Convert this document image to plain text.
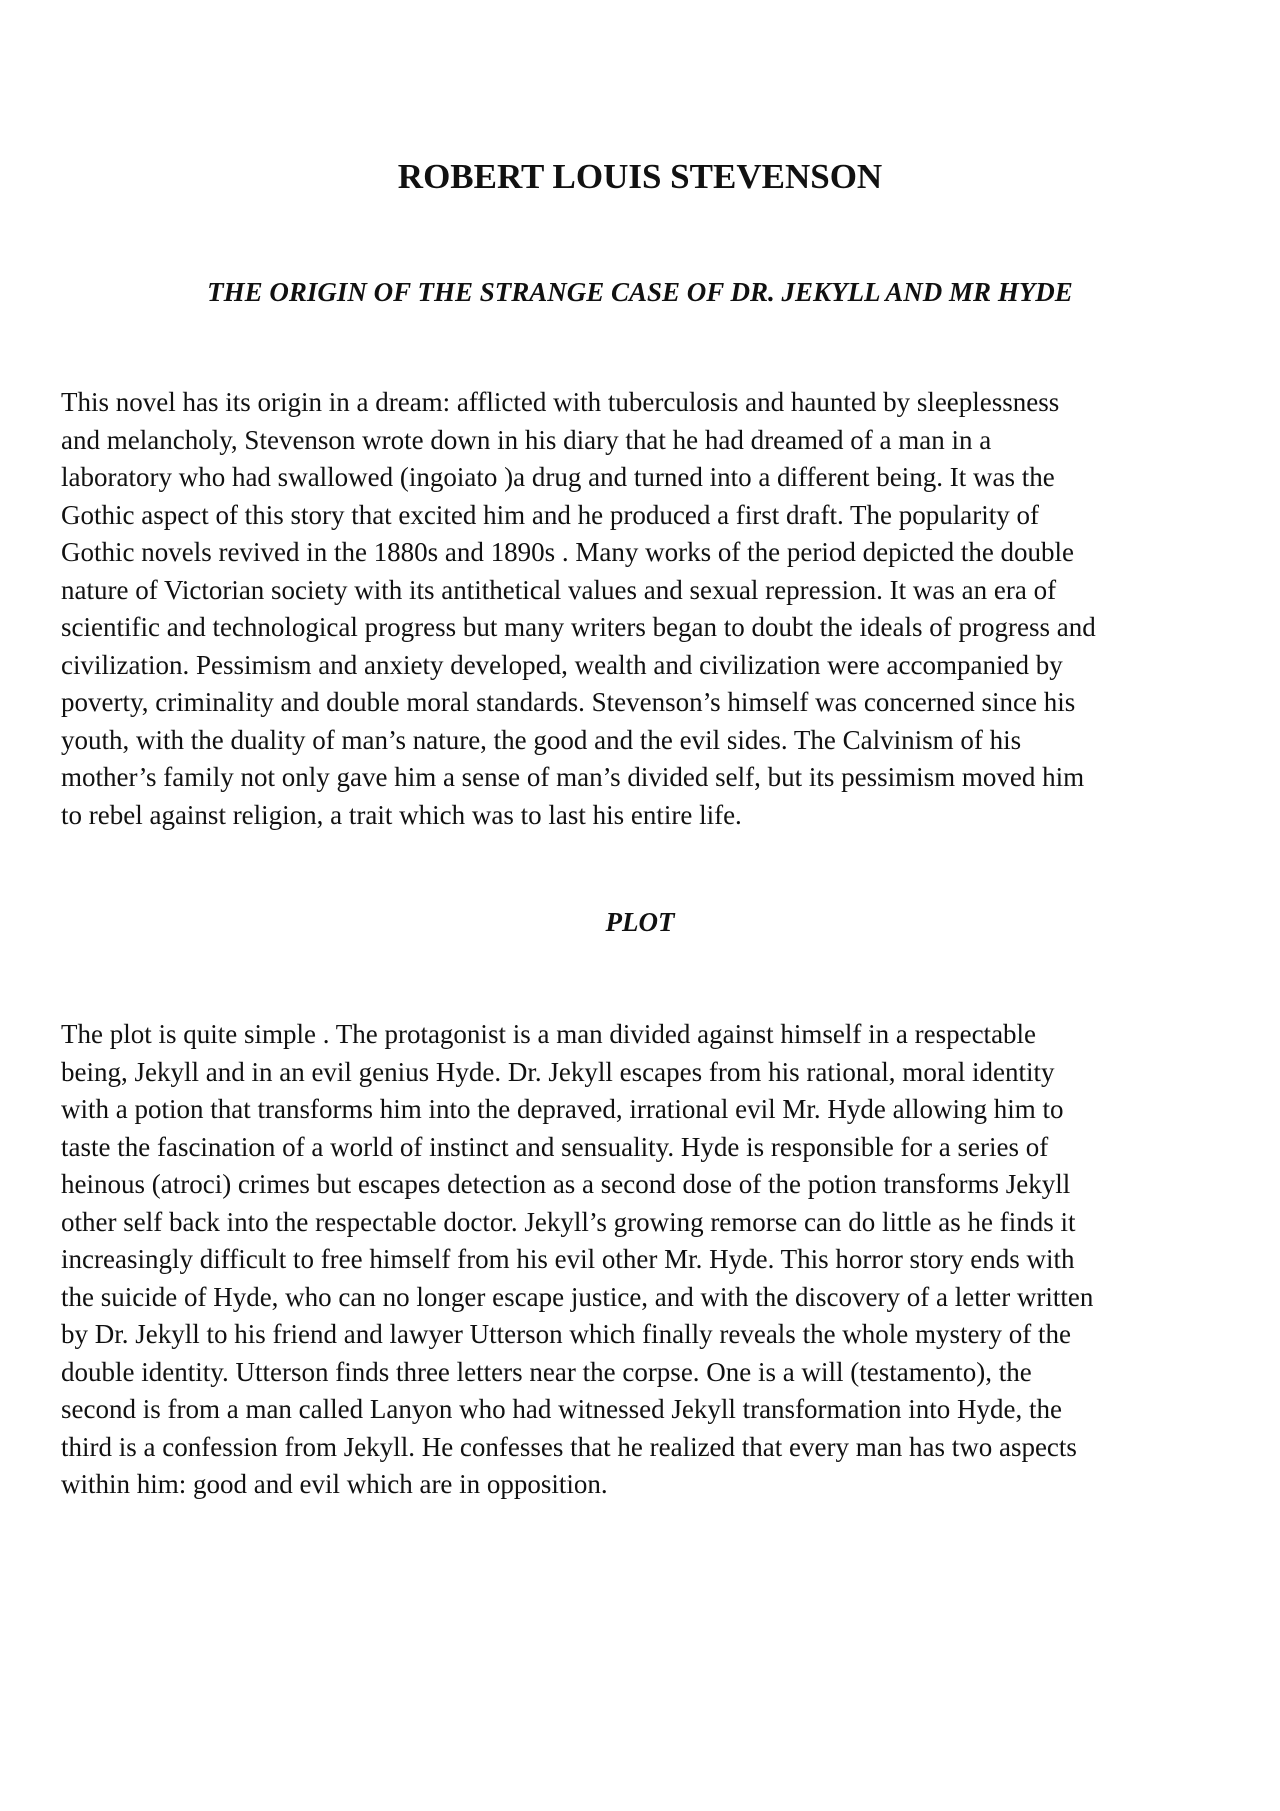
ROBERT LOUIS STEVENSON
THE ORIGIN OF THE STRANGE CASE OF DR. JEKYLL AND MR HYDE

This novel has its origin in a dream: afflicted with tuberculosis and haunted by sleeplessness
and melancholy, Stevenson wrote down in his diary that he had dreamed of a man in a
laboratory who had swallowed (ingoiato )a drug and turned into a different being. It was the
Gothic aspect of this story that excited him and he produced a first draft. The popularity of
Gothic novels revived in the 1880s and 1890s . Many works of the period depicted the double
nature of Victorian society with its antithetical values and sexual repression. It was an era of
scientific and technological progress but many writers began to doubt the ideals of progress and
civilization. Pessimism and anxiety developed, wealth and civilization were accompanied by
poverty, criminality and double moral standards. Stevenson’s himself was concerned since his
youth, with the duality of man’s nature, the good and the evil sides. The Calvinism of his
mother’s family not only gave him a sense of man’s divided self, but its pessimism moved him
to rebel against religion, a trait which was to last his entire life.

PLOT

The plot is quite simple . The protagonist is a man divided against himself in a respectable
being, Jekyll and in an evil genius Hyde. Dr. Jekyll escapes from his rational, moral identity
with a potion that transforms him into the depraved, irrational evil Mr. Hyde allowing him to
taste the fascination of a world of instinct and sensuality. Hyde is responsible for a series of
heinous (atroci) crimes but escapes detection as a second dose of the potion transforms Jekyll
other self back into the respectable doctor. Jekyll’s growing remorse can do little as he finds it
increasingly difficult to free himself from his evil other Mr. Hyde. This horror story ends with
the suicide of Hyde, who can no longer escape justice, and with the discovery of a letter written
by Dr. Jekyll to his friend and lawyer Utterson which finally reveals the whole mystery of the
double identity. Utterson finds three letters near the corpse. One is a will (testamento), the
second is from a man called Lanyon who had witnessed Jekyll transformation into Hyde, the
third is a confession from Jekyll. He confesses that he realized that every man has two aspects
within him: good and evil which are in opposition.
